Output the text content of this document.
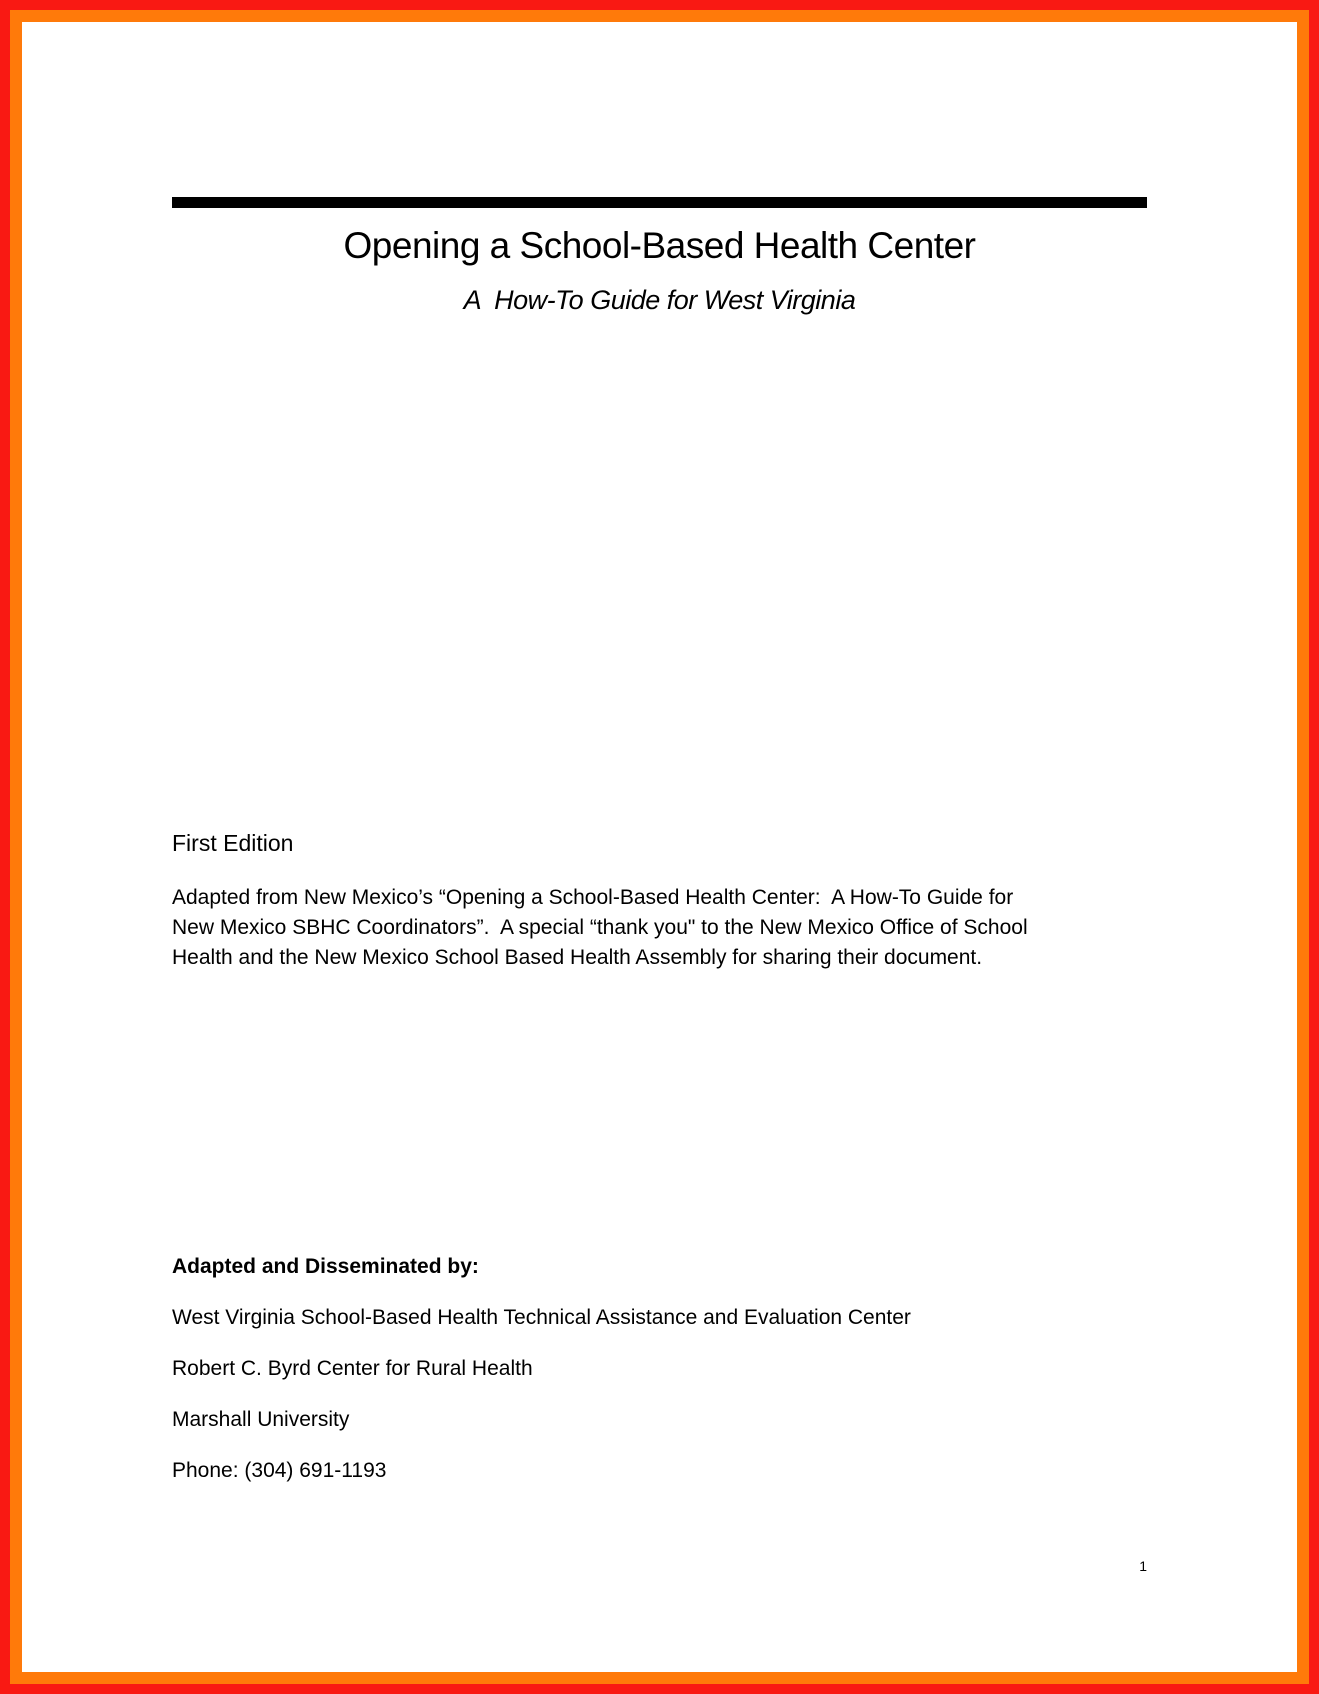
Opening a School-Based Health Center
A  How-To Guide for West Virginia
First Edition

Adapted from New Mexico’s “Opening a School-Based Health Center:  A How-To Guide for

New Mexico SBHC Coordinators”.  A special “thank you" to the New Mexico Office of School

Health and the New Mexico School Based Health Assembly for sharing their document.

Adapted and Disseminated by:
West Virginia School-Based Health Technical Assistance and Evaluation Center
Robert C. Byrd Center for Rural Health
Marshall University
Phone: (304) 691-1193
1
